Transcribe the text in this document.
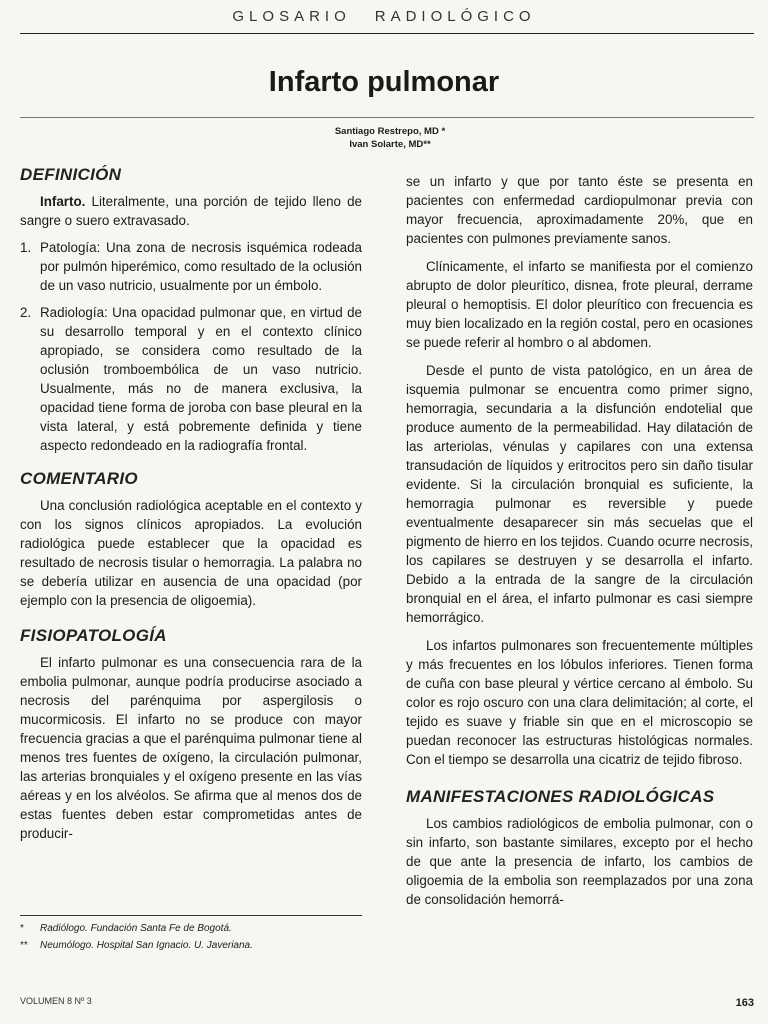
GLOSARIO RADIOLÓGICO
Infarto pulmonar
Santiago Restrepo, MD *
Ivan Solarte, MD**
DEFINICIÓN

Infarto. Literalmente, una porción de tejido lleno de sangre o suero extravasado.

1. Patología: Una zona de necrosis isquémica rodeada por pulmón hiperémico, como resultado de la oclusión de un vaso nutricio, usualmente por un émbolo.
2. Radiología: Una opacidad pulmonar que, en virtud de su desarrollo temporal y en el contexto clínico apropiado, se considera como resultado de la oclusión tromboembólica de un vaso nutricio. Usualmente, más no de manera exclusiva, la opacidad tiene forma de joroba con base pleural en la vista lateral, y está pobremente definida y tiene aspecto redondeado en la radiografía frontal.
COMENTARIO

Una conclusión radiológica aceptable en el contexto y con los signos clínicos apropiados. La evolución radiológica puede establecer que la opacidad es resultado de necrosis tisular o hemorragia. La palabra no se debería utilizar en ausencia de una opacidad (por ejemplo con la presencia de oligoemia).

FISIOPATOLOGÍA

El infarto pulmonar es una consecuencia rara de la embolia pulmonar, aunque podría producirse asociado a necrosis del parénquima por aspergilosis o mucormicosis. El infarto no se produce con mayor frecuencia gracias a que el parénquima pulmonar tiene al menos tres fuentes de oxígeno, la circulación pulmonar, las arterias bronquiales y el oxígeno presente en las vías aéreas y en los alvéolos. Se afirma que al menos dos de estas fuentes deben estar comprometidas antes de producir-

se un infarto y que por tanto éste se presenta en pacientes con enfermedad cardiopulmonar previa con mayor frecuencia, aproximadamente 20%, que en pacientes con pulmones previamente sanos.

Clínicamente, el infarto se manifiesta por el comienzo abrupto de dolor pleurítico, disnea, frote pleural, derrame pleural o hemoptisis. El dolor pleurítico con frecuencia es muy bien localizado en la región costal, pero en ocasiones se puede referir al hombro o al abdomen.

Desde el punto de vista patológico, en un área de isquemia pulmonar se encuentra como primer signo, hemorragia, secundaria a la disfunción endotelial que produce aumento de la permeabilidad. Hay dilatación de las arteriolas, vénulas y capilares con una extensa transudación de líquidos y eritrocitos pero sin daño tisular evidente. Si la circulación bronquial es suficiente, la hemorragia pulmonar es reversible y puede eventualmente desaparecer sin más secuelas que el pigmento de hierro en los tejidos. Cuando ocurre necrosis, los capilares se destruyen y se desarrolla el infarto. Debido a la entrada de la sangre de la circulación bronquial en el área, el infarto pulmonar es casi siempre hemorrágico.

Los infartos pulmonares son frecuentemente múltiples y más frecuentes en los lóbulos inferiores. Tienen forma de cuña con base pleural y vértice cercano al émbolo. Su color es rojo oscuro con una clara delimitación; al corte, el tejido es suave y friable sin que en el microscopio se puedan reconocer las estructuras histológicas normales. Con el tiempo se desarrolla una cicatriz de tejido fibroso.

MANIFESTACIONES RADIOLÓGICAS

Los cambios radiológicos de embolia pulmonar, con o sin infarto, son bastante similares, excepto por el hecho de que ante la presencia de infarto, los cambios de oligoemia de la embolia son reemplazados por una zona de consolidación hemorrá-

* Radiólogo. Fundación Santa Fe de Bogotá.
** Neumólogo. Hospital San Ignacio. U. Javeriana.
VOLUMEN 8 Nº 3	163
